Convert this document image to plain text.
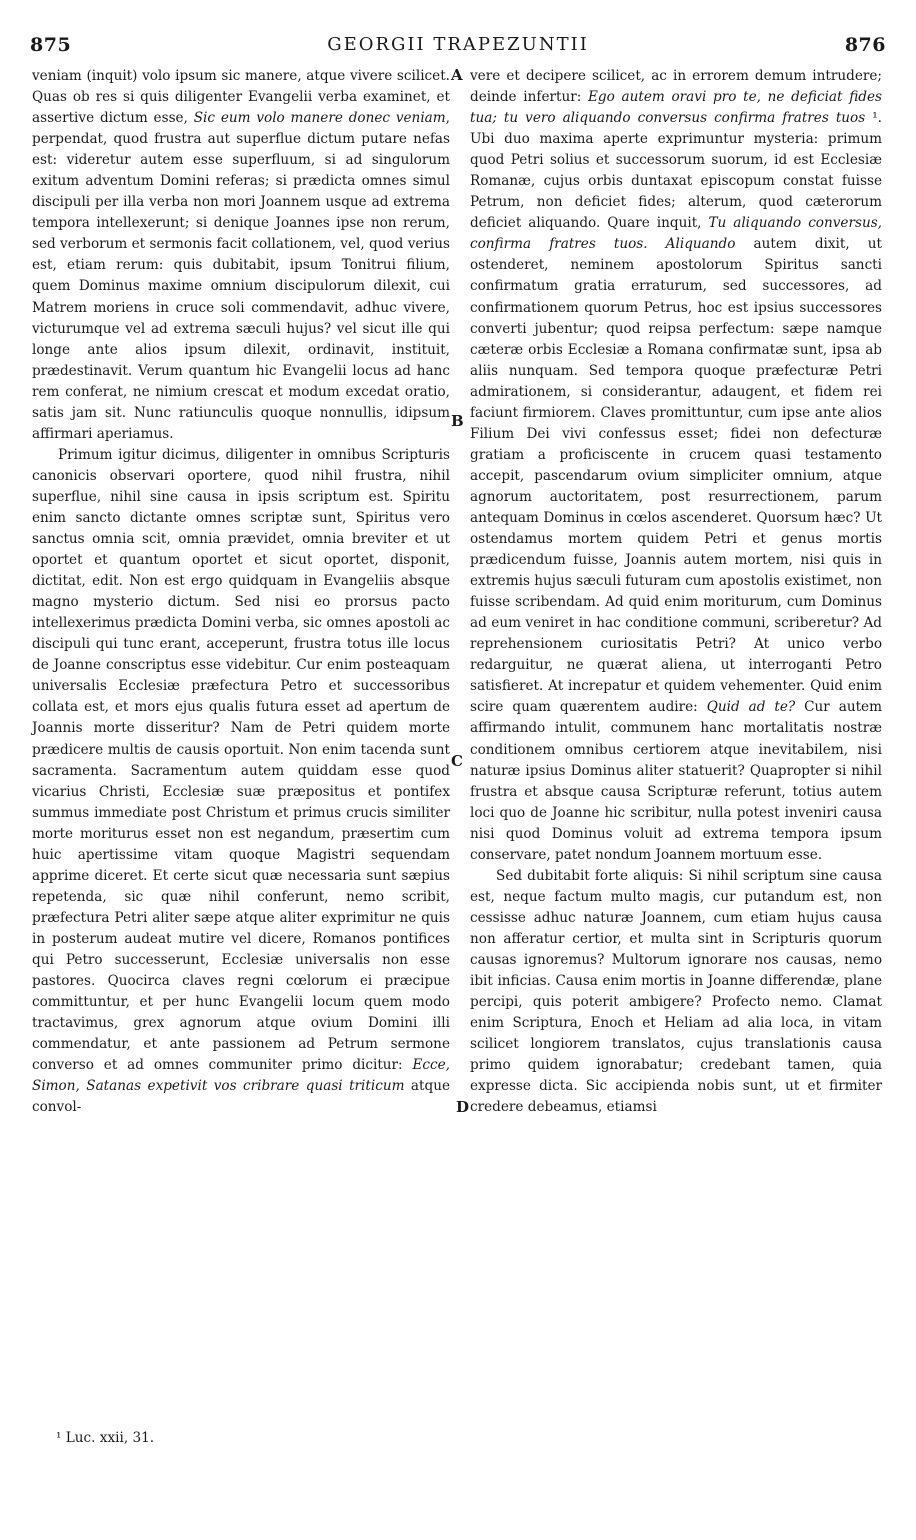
875	GEORGII TRAPEZUNTII	876

veniam (inquit) volo ipsum sic manere, atque vivere scilicet. Quas ob res si quis diligenter Evangelii verba examinet, et assertive dictum esse, Sic eum volo manere donec veniam, perpendat, quod frustra aut superflue dictum putare nefas est: videretur autem esse superfluum, si ad singulorum exitum adventum Domini referas; si prædicta omnes simul discipuli per illa verba non mori Joannem usque ad extrema tempora intellexerunt; si denique Joannes ipse non rerum, sed verborum et sermonis facit collationem, vel, quod verius est, etiam rerum: quis dubitabit, ipsum Tonitrui filium, quem Dominus maxime omnium discipulorum dilexit, cui Matrem moriens in cruce soli commendavit, adhuc vivere, victurumque vel ad extrema sæculi hujus? vel sicut ille qui longe ante alios ipsum dilexit, ordinavit, instituit, prædestinavit. Verum quantum hic Evangelii locus ad hanc rem conferat, ne nimium crescat et modum excedat oratio, satis jam sit. Nunc ratiunculis quoque nonnullis, idipsum affirmari aperiamus.

Primum igitur dicimus, diligenter in omnibus Scripturis canonicis observari oportere, quod nihil frustra, nihil superflue, nihil sine causa in ipsis scriptum est. Spiritu enim sancto dictante omnes scriptæ sunt, Spiritus vero sanctus omnia scit, omnia prævidet, omnia breviter et ut oportet et quantum oportet et sicut oportet, disponit, dictitat, edit. Non est ergo quidquam in Evangeliis absque magno mysterio dictum. Sed nisi eo prorsus pacto intellexerimus prædicta Domini verba, sic omnes apostoli ac discipuli qui tunc erant, acceperunt, frustra totus ille locus de Joanne conscriptus esse videbitur. Cur enim posteaquam universalis Ecclesiæ præfectura Petro et successoribus collata est, et mors ejus qualis futura esset ad apertum de Joannis morte disseritur? Nam de Petri quidem morte prædicere multis de causis oportuit. Non enim tacenda sunt sacramenta. Sacramentum autem quiddam esse quod vicarius Christi, Ecclesiæ suæ præpositus et pontifex summus immediate post Christum et primus crucis similiter morte moriturus esset non est negandum, præsertim cum huic apertissime vitam quoque Magistri sequendam apprime diceret. Et certe sicut quæ necessaria sunt sæpius repetenda, sic quæ nihil conferunt, nemo scribit, præfectura Petri aliter sæpe atque aliter exprimitur ne quis in posterum audeat mutire vel dicere, Romanos pontifices qui Petro successerunt, Ecclesiæ universalis non esse pastores. Quocirca claves regni cœlorum ei præcipue committuntur, et per hunc Evangelii locum quem modo tractavimus, grex agnorum atque ovium Domini illi commendatur, et ante passionem ad Petrum sermone converso et ad omnes communiter primo dicitur: Ecce, Simon, Satanas expetivit vos cribrare quasi triticum atque convol-

A
B
C
D

vere et decipere scilicet, ac in errorem demum intrudere; deinde infertur: Ego autem oravi pro te, ne deficiat fides tua; tu vero aliquando conversus confirma fratres tuos ¹. Ubi duo maxima aperte exprimuntur mysteria: primum quod Petri solius et successorum suorum, id est Ecclesiæ Romanæ, cujus orbis duntaxat episcopum constat fuisse Petrum, non deficiet fides; alterum, quod cæterorum deficiet aliquando. Quare inquit, Tu aliquando conversus, confirma fratres tuos. Aliquando autem dixit, ut ostenderet, neminem apostolorum Spiritus sancti confirmatum gratia erraturum, sed successores, ad confirmationem quorum Petrus, hoc est ipsius successores converti jubentur; quod reipsa perfectum: sæpe namque cæteræ orbis Ecclesiæ a Romana confirmatæ sunt, ipsa ab aliis nunquam. Sed tempora quoque præfecturæ Petri admirationem, si considerantur, adaugent, et fidem rei faciunt firmiorem. Claves promittuntur, cum ipse ante alios Filium Dei vivi confessus esset; fidei non defecturæ gratiam a proficiscente in crucem quasi testamento accepit, pascendarum ovium simpliciter omnium, atque agnorum auctoritatem, post resurrectionem, parum antequam Dominus in cœlos ascenderet. Quorsum hæc? Ut ostendamus mortem quidem Petri et genus mortis prædicendum fuisse, Joannis autem mortem, nisi quis in extremis hujus sæculi futuram cum apostolis existimet, non fuisse scribendam. Ad quid enim moriturum, cum Dominus ad eum veniret in hac conditione communi, scriberetur? Ad reprehensionem curiositatis Petri? At unico verbo redarguitur, ne quærat aliena, ut interroganti Petro satisfieret. At increpatur et quidem vehementer. Quid enim scire quam quærentem audire: Quid ad te? Cur autem affirmando intulit, communem hanc mortalitatis nostræ conditionem omnibus certiorem atque inevitabilem, nisi naturæ ipsius Dominus aliter statuerit? Quapropter si nihil frustra et absque causa Scripturæ referunt, totius autem loci quo de Joanne hic scribitur, nulla potest inveniri causa nisi quod Dominus voluit ad extrema tempora ipsum conservare, patet nondum Joannem mortuum esse.

Sed dubitabit forte aliquis: Si nihil scriptum sine causa est, neque factum multo magis, cur putandum est, non cessisse adhuc naturæ Joannem, cum etiam hujus causa non afferatur certior, et multa sint in Scripturis quorum causas ignoremus? Multorum ignorare nos causas, nemo ibit inficias. Causa enim mortis in Joanne differendæ, plane percipi, quis poterit ambigere? Profecto nemo. Clamat enim Scriptura, Enoch et Heliam ad alia loca, in vitam scilicet longiorem translatos, cujus translationis causa primo quidem ignorabatur; credebant tamen, quia expresse dicta. Sic accipienda nobis sunt, ut et firmiter credere debeamus, etiamsi

¹ Luc. xxii, 31.
